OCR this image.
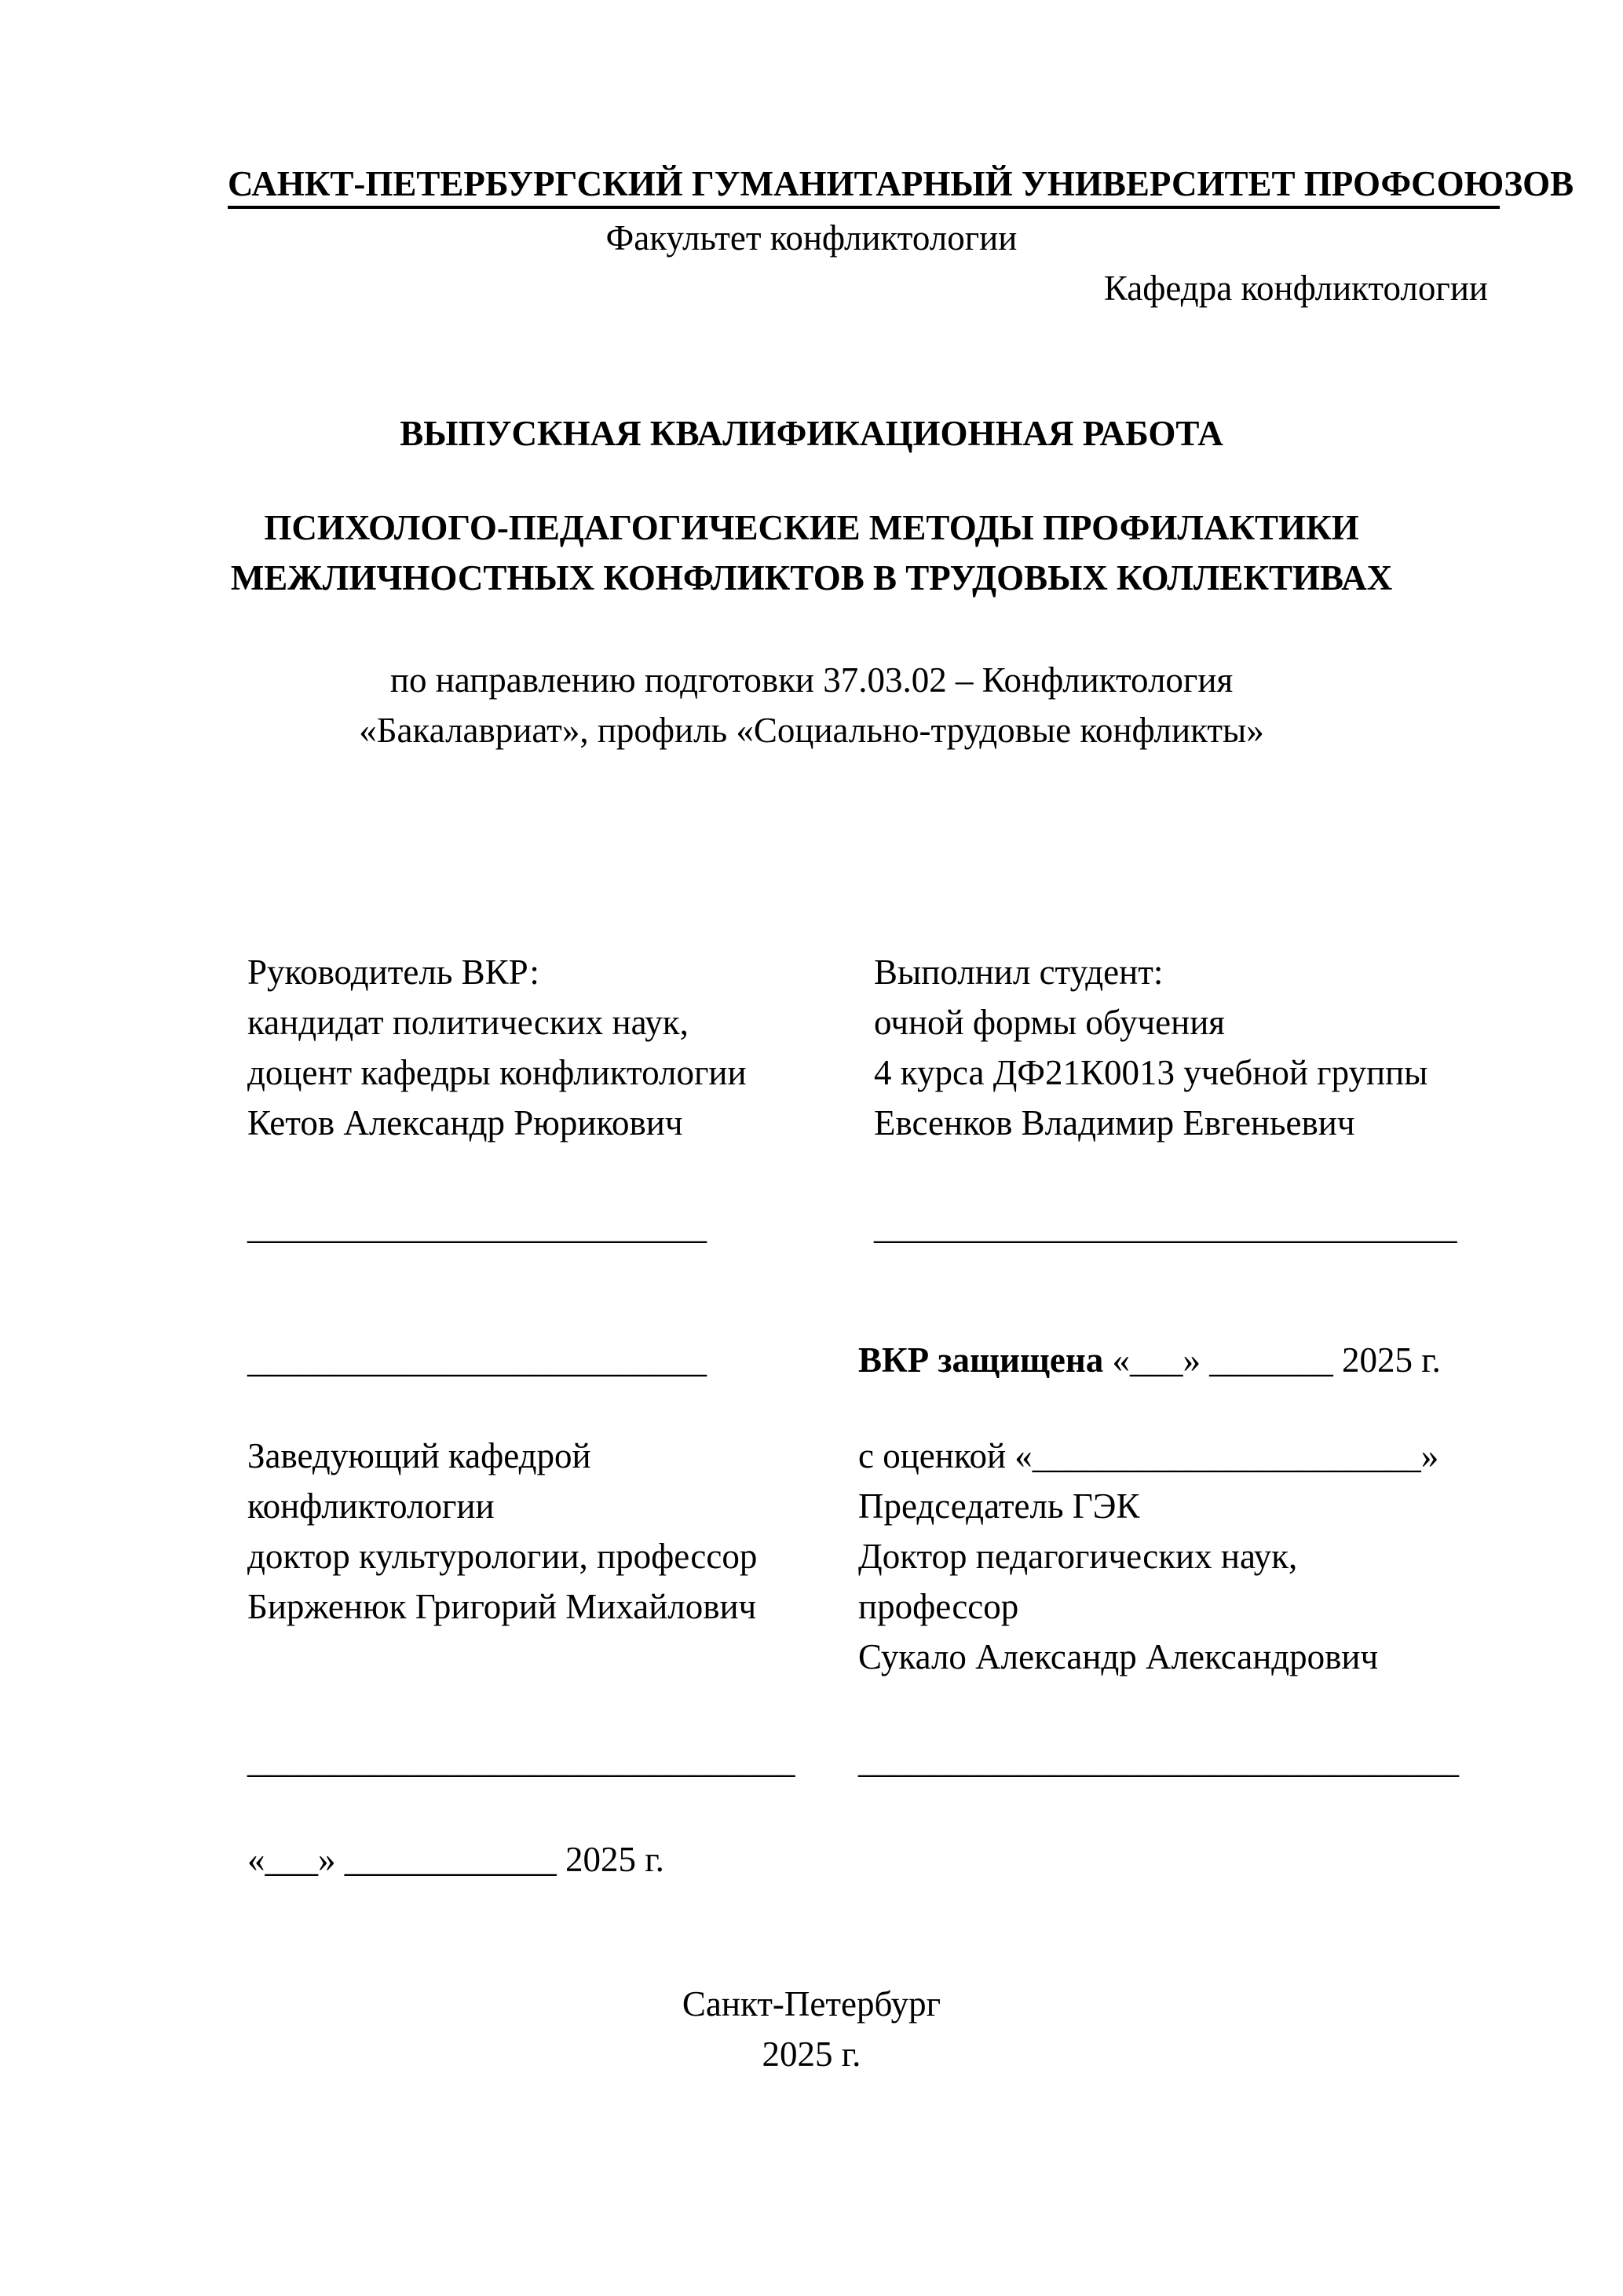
САНКТ-ПЕТЕРБУРГСКИЙ ГУМАНИТАРНЫЙ УНИВЕРСИТЕТ ПРОФСОЮЗОВ
Факультет конфликтологии
Кафедра конфликтологии
ВЫПУСКНАЯ КВАЛИФИКАЦИОННАЯ РАБОТА
ПСИХОЛОГО-ПЕДАГОГИЧЕСКИЕ МЕТОДЫ ПРОФИЛАКТИКИ
МЕЖЛИЧНОСТНЫХ КОНФЛИКТОВ В ТРУДОВЫХ КОЛЛЕКТИВАХ
по направлению подготовки 37.03.02 – Конфликтология
«Бакалавриат», профиль «Социально-трудовые конфликты»
Руководитель ВКР:
кандидат политических наук,
доцент кафедры конфликтологии
Кетов Александр Рюрикович
__________________________
Выполнил студент:
очной формы обучения
4 курса ДФ21К0013 учебной группы
Евсенков Владимир Евгеньевич
_________________________________
__________________________	ВКР защищена «___» _______ 2025 г.
Заведующий кафедрой
конфликтологии
доктор культурологии, профессор
Бирженюк Григорий Михайлович
_______________________________
с оценкой «______________________»
Председатель ГЭК
Доктор педагогических наук,
профессор
Сукало Александр Александрович
__________________________________
«___» ____________ 2025 г.
Санкт-Петербург
2025 г.
